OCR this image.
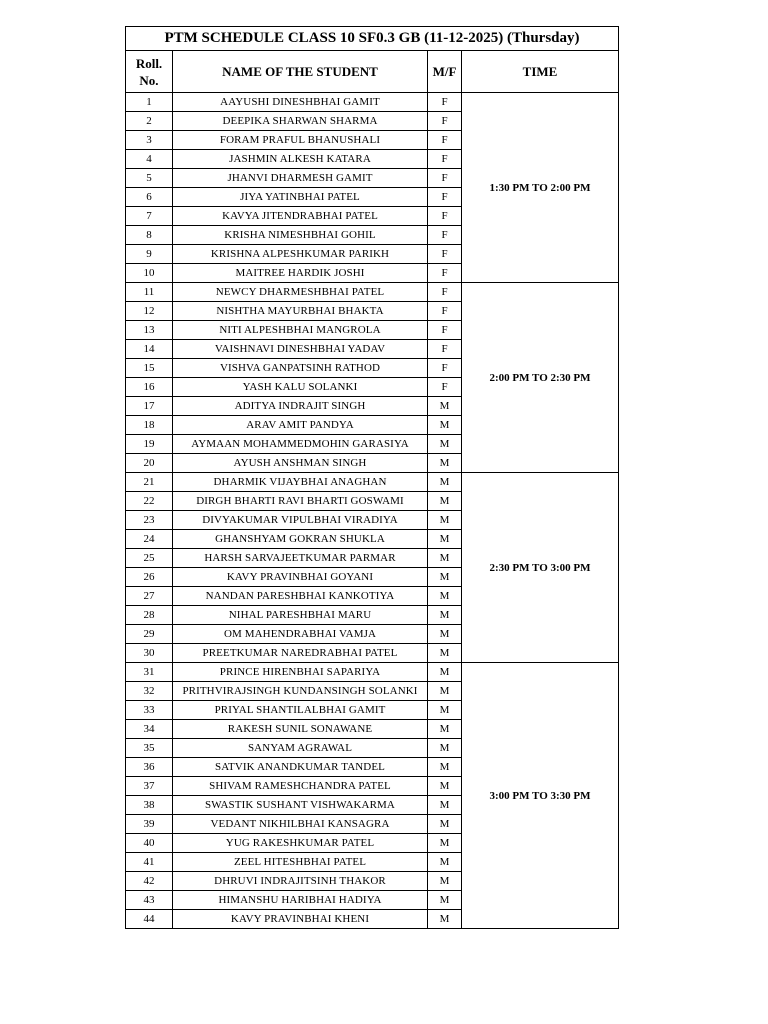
PTM SCHEDULE CLASS 10 SF0.3 GB (11-12-2025) (Thursday)			
Roll. No.	NAME OF THE STUDENT	M/F	TIME
1	AAYUSHI DINESHBHAI GAMIT	F	1:30 PM TO 2:00 PM
2	DEEPIKA SHARWAN SHARMA	F	
3	FORAM PRAFUL BHANUSHALI	F	
4	JASHMIN ALKESH KATARA	F	
5	JHANVI DHARMESH GAMIT	F	
6	JIYA YATINBHAI PATEL	F	
7	KAVYA JITENDRABHAI PATEL	F	
8	KRISHA NIMESHBHAI GOHIL	F	
9	KRISHNA ALPESHKUMAR PARIKH	F	
10	MAITREE HARDIK JOSHI	F	
11	NEWCY DHARMESHBHAI PATEL	F	2:00 PM TO 2:30 PM
12	NISHTHA MAYURBHAI BHAKTA	F	
13	NITI ALPESHBHAI MANGROLA	F	
14	VAISHNAVI DINESHBHAI YADAV	F	
15	VISHVA GANPATSINH RATHOD	F	
16	YASH KALU SOLANKI	F	
17	ADITYA INDRAJIT SINGH	M	
18	ARAV AMIT PANDYA	M	
19	AYMAAN MOHAMMEDMOHIN GARASIYA	M	
20	AYUSH ANSHMAN SINGH	M	
21	DHARMIK VIJAYBHAI ANAGHAN	M	2:30 PM TO 3:00 PM
22	DIRGH BHARTI RAVI BHARTI GOSWAMI	M	
23	DIVYAKUMAR VIPULBHAI VIRADIYA	M	
24	GHANSHYAM GOKRAN SHUKLA	M	
25	HARSH SARVAJEETKUMAR PARMAR	M	
26	KAVY PRAVINBHAI GOYANI	M	
27	NANDAN PARESHBHAI KANKOTIYA	M	
28	NIHAL PARESHBHAI MARU	M	
29	OM MAHENDRABHAI VAMJA	M	
30	PREETKUMAR NAREDRABHAI PATEL	M	
31	PRINCE HIRENBHAI SAPARIYA	M	3:00 PM TO 3:30 PM
32	PRITHVIRAJSINGH KUNDANSINGH SOLANKI	M	
33	PRIYAL SHANTILALBHAI GAMIT	M	
34	RAKESH SUNIL SONAWANE	M	
35	SANYAM AGRAWAL	M	
36	SATVIK ANANDKUMAR TANDEL	M	
37	SHIVAM RAMESHCHANDRA PATEL	M	
38	SWASTIK SUSHANT VISHWAKARMA	M	
39	VEDANT NIKHILBHAI KANSAGRA	M	
40	YUG RAKESHKUMAR PATEL	M	
41	ZEEL HITESHBHAI PATEL	M	
42	DHRUVI INDRAJITSINH THAKOR	M	
43	HIMANSHU HARIBHAI HADIYA	M	
44	KAVY PRAVINBHAI KHENI	M	
